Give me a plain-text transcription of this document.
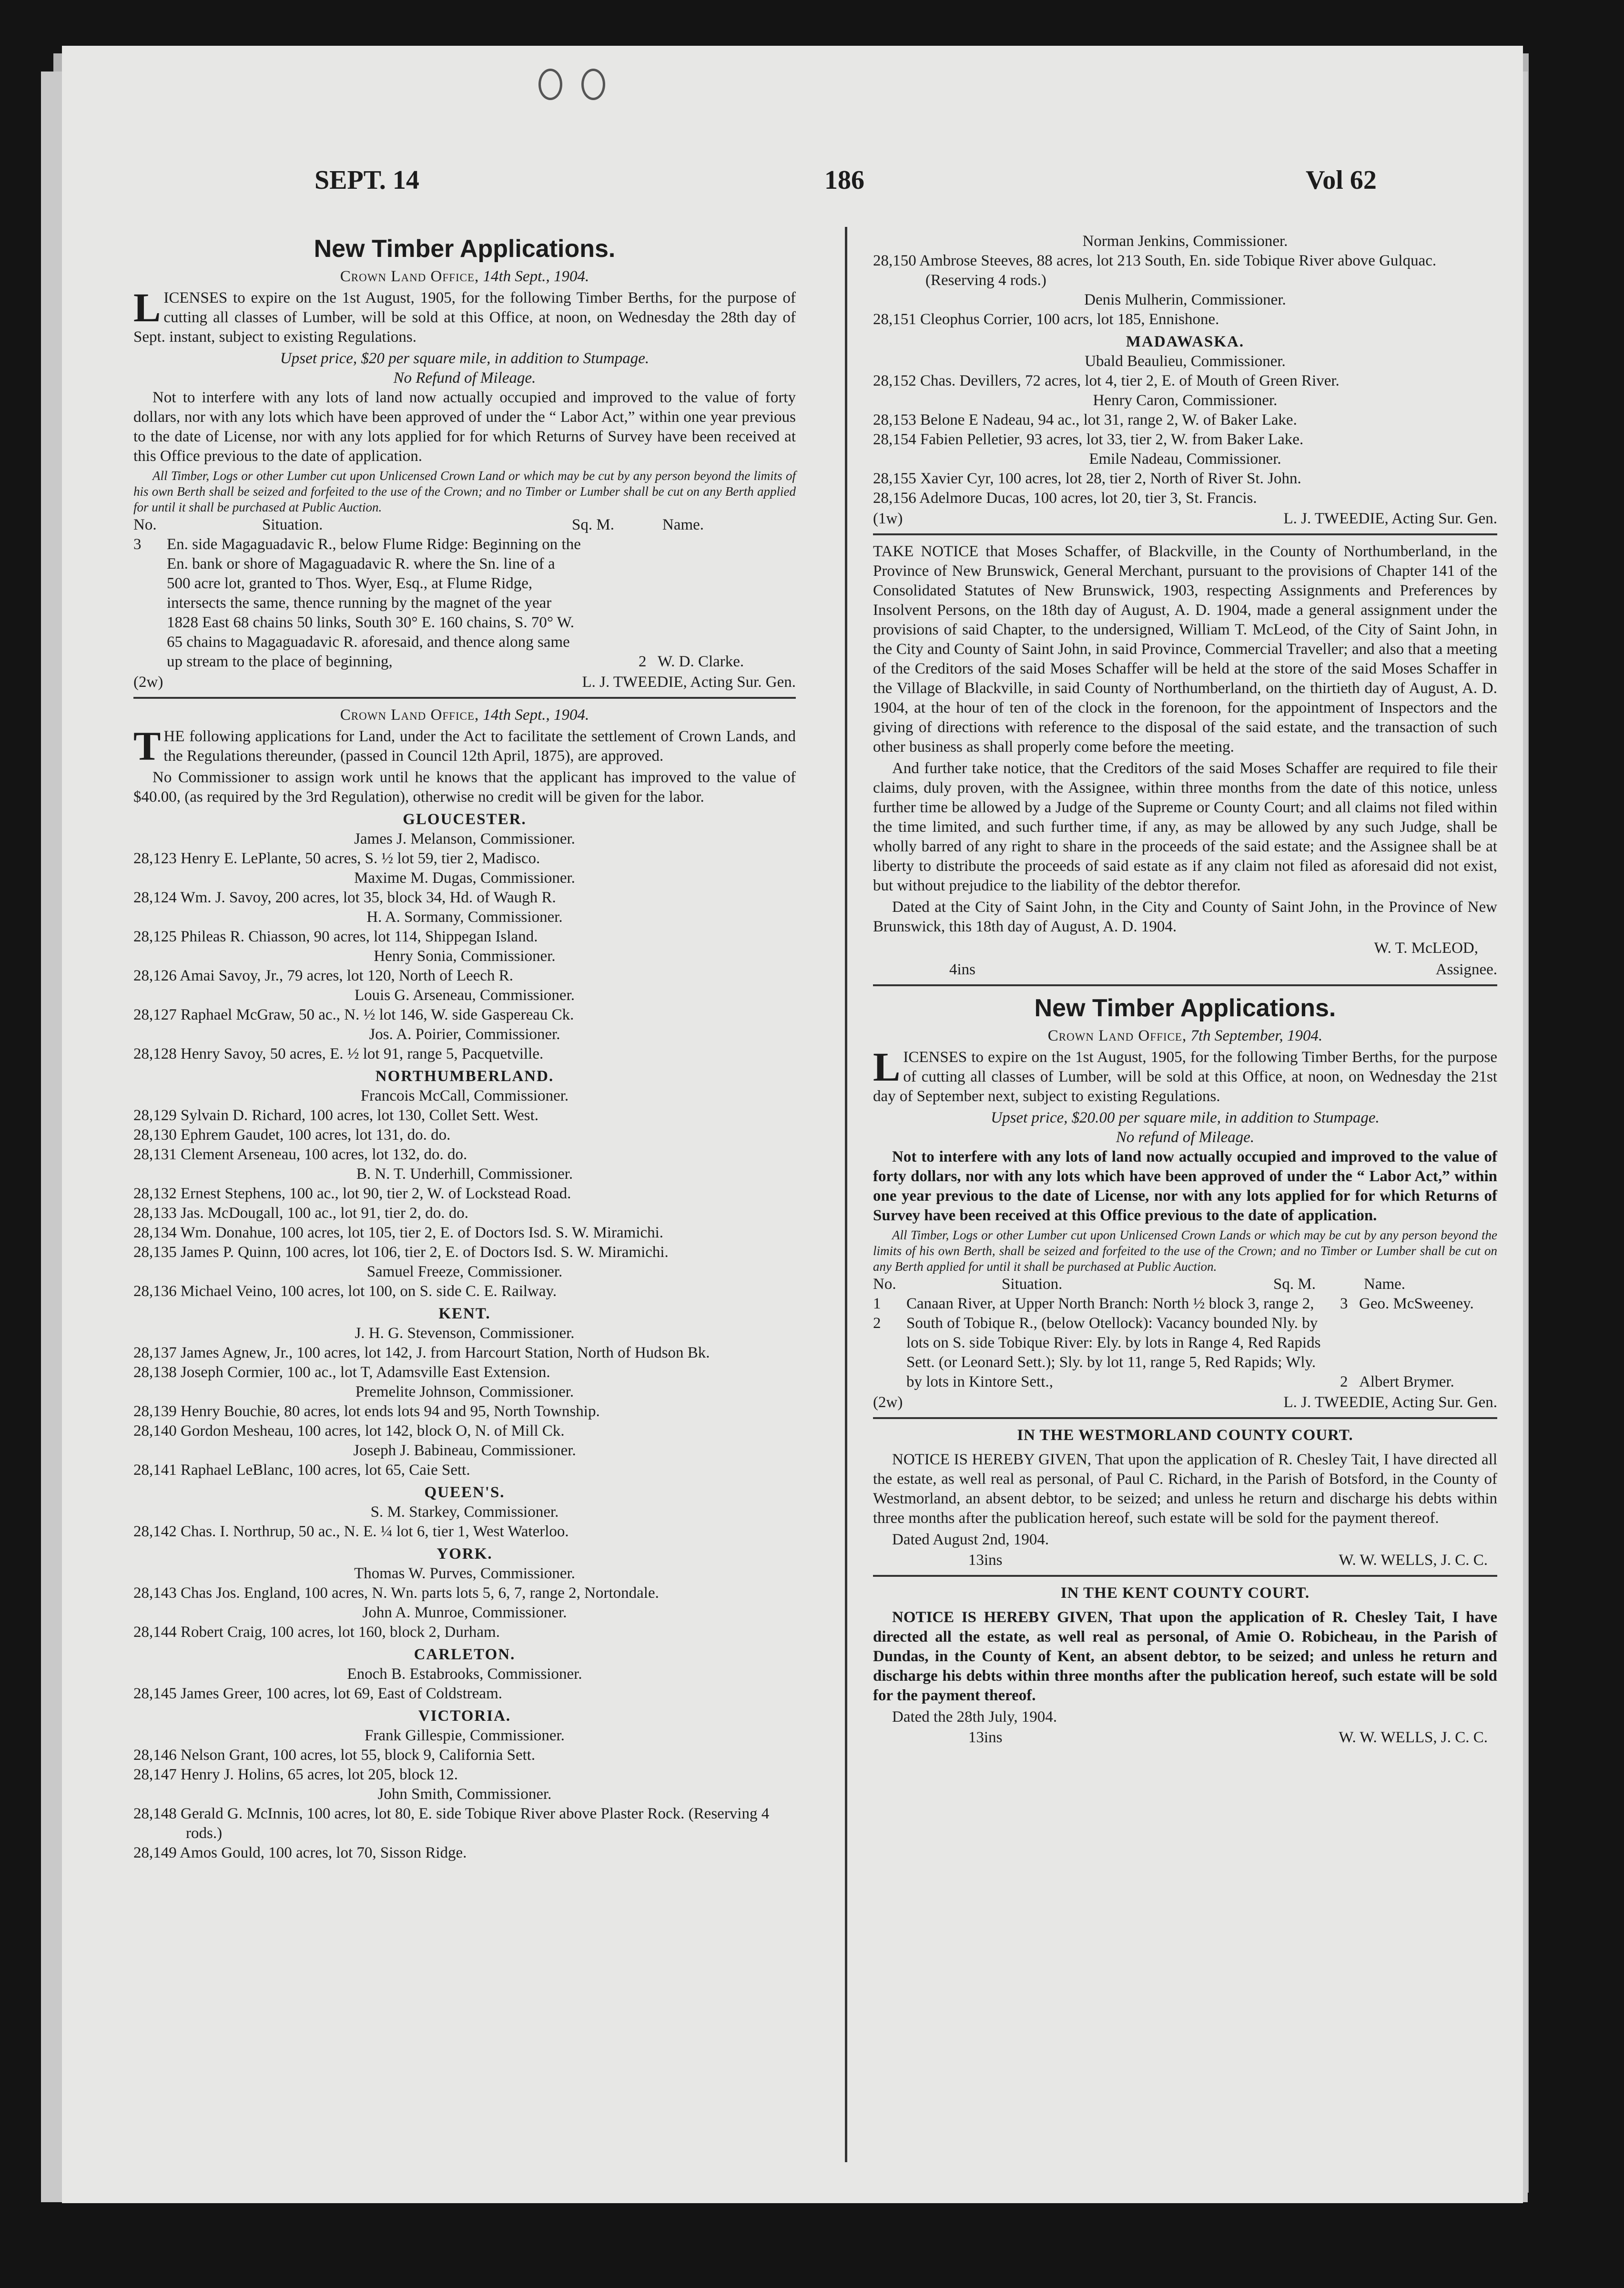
SEPT. 14	186	Vol 62
New Timber Applications.
Crown Land Office, 14th Sept., 1904.
LICENSES to expire on the 1st August, 1905, for the following Timber Berths, for the purpose of cutting all classes of Lumber, will be sold at this Office, at noon, on Wednesday the 28th day of Sept. instant, subject to existing Regulations.
Upset price, $20 per square mile, in addition to Stumpage.
No Refund of Mileage.
Not to interfere with any lots of land now actually occupied and improved to the value of forty dollars, nor with any lots which have been approved of under the “ Labor Act,” within one year previous to the date of License, nor with any lots applied for for which Returns of Survey have been received at this Office previous to the date of application.
All Timber, Logs or other Lumber cut upon Unlicensed Crown Land or which may be cut by any person beyond the limits of his own Berth shall be seized and forfeited to the use of the Crown; and no Timber or Lumber shall be cut on any Berth applied for until it shall be purchased at Public Auction.
No.	Situation.	Sq. M.	Name.
3	En. side Magaguadavic R., below Flume Ridge: Beginning on the En. bank or shore of Magaguadavic R. where the Sn. line of a 500 acre lot, granted to Thos. Wyer, Esq., at Flume Ridge, intersects the same, thence running by the magnet of the year 1828 East 68 chains 50 links, South 30° E. 160 chains, S. 70° W. 65 chains to Magaguadavic R. aforesaid, and thence along same up stream to the place of beginning,	2 W. D. Clarke.
(2w)	L. J. TWEEDIE, Acting Sur. Gen.
Crown Land Office, 14th Sept., 1904.
THE following applications for Land, under the Act to facilitate the settlement of Crown Lands, and the Regulations thereunder, (passed in Council 12th April, 1875), are approved.
No Commissioner to assign work until he knows that the applicant has improved to the value of $40.00, (as required by the 3rd Regulation), otherwise no credit will be given for the labor.
GLOUCESTER.
James J. Melanson, Commissioner.
28,123 Henry E. LePlante, 50 acres, S. ½ lot 59, tier 2, Madisco.
Maxime M. Dugas, Commissioner.
28,124 Wm. J. Savoy, 200 acres, lot 35, block 34, Hd. of Waugh R.
H. A. Sormany, Commissioner.
28,125 Phileas R. Chiasson, 90 acres, lot 114, Shippegan Island.
Henry Sonia, Commissioner.
28,126 Amai Savoy, Jr., 79 acres, lot 120, North of Leech R.
Louis G. Arseneau, Commissioner.
28,127 Raphael McGraw, 50 ac., N. ½ lot 146, W. side Gaspereau Ck.
Jos. A. Poirier, Commissioner.
28,128 Henry Savoy, 50 acres, E. ½ lot 91, range 5, Pacquetville.
NORTHUMBERLAND.
Francois McCall, Commissioner.
28,129 Sylvain D. Richard, 100 acres, lot 130, Collet Sett. West.
28,130 Ephrem Gaudet, 100 acres, lot 131, do. do.
28,131 Clement Arseneau, 100 acres, lot 132, do. do.
B. N. T. Underhill, Commissioner.
28,132 Ernest Stephens, 100 ac., lot 90, tier 2, W. of Lockstead Road.
28,133 Jas. McDougall, 100 ac., lot 91, tier 2, do. do.
28,134 Wm. Donahue, 100 acres, lot 105, tier 2, E. of Doctors Isd. S. W. Miramichi.
28,135 James P. Quinn, 100 acres, lot 106, tier 2, E. of Doctors Isd. S. W. Miramichi.
Samuel Freeze, Commissioner.
28,136 Michael Veino, 100 acres, lot 100, on S. side C. E. Railway.
KENT.
J. H. G. Stevenson, Commissioner.
28,137 James Agnew, Jr., 100 acres, lot 142, J. from Harcourt Station, North of Hudson Bk.
28,138 Joseph Cormier, 100 ac., lot T, Adamsville East Extension.
Premelite Johnson, Commissioner.
28,139 Henry Bouchie, 80 acres, lot ends lots 94 and 95, North Township.
28,140 Gordon Mesheau, 100 acres, lot 142, block O, N. of Mill Ck.
Joseph J. Babineau, Commissioner.
28,141 Raphael LeBlanc, 100 acres, lot 65, Caie Sett.
QUEEN'S.
S. M. Starkey, Commissioner.
28,142 Chas. I. Northrup, 50 ac., N. E. ¼ lot 6, tier 1, West Waterloo.
YORK.
Thomas W. Purves, Commissioner.
28,143 Chas Jos. England, 100 acres, N. Wn. parts lots 5, 6, 7, range 2, Nortondale.
John A. Munroe, Commissioner.
28,144 Robert Craig, 100 acres, lot 160, block 2, Durham.
CARLETON.
Enoch B. Estabrooks, Commissioner.
28,145 James Greer, 100 acres, lot 69, East of Coldstream.
VICTORIA.
Frank Gillespie, Commissioner.
28,146 Nelson Grant, 100 acres, lot 55, block 9, California Sett.
28,147 Henry J. Holins, 65 acres, lot 205, block 12.
John Smith, Commissioner.
28,148 Gerald G. McInnis, 100 acres, lot 80, E. side Tobique River above Plaster Rock. (Reserving 4 rods.)
28,149 Amos Gould, 100 acres, lot 70, Sisson Ridge.
Norman Jenkins, Commissioner.
28,150 Ambrose Steeves, 88 acres, lot 213 South, En. side Tobique River above Gulquac. (Reserving 4 rods.)
Denis Mulherin, Commissioner.
28,151 Cleophus Corrier, 100 acrs, lot 185, Ennishone.
MADAWASKA.
Ubald Beaulieu, Commissioner.
28,152 Chas. Devillers, 72 acres, lot 4, tier 2, E. of Mouth of Green River.
Henry Caron, Commissioner.
28,153 Belone E Nadeau, 94 ac., lot 31, range 2, W. of Baker Lake.
28,154 Fabien Pelletier, 93 acres, lot 33, tier 2, W. from Baker Lake.
Emile Nadeau, Commissioner.
28,155 Xavier Cyr, 100 acres, lot 28, tier 2, North of River St. John.
28,156 Adelmore Ducas, 100 acres, lot 20, tier 3, St. Francis.
(1w)	L. J. TWEEDIE, Acting Sur. Gen.
TAKE NOTICE that Moses Schaffer, of Blackville, in the County of Northumberland, in the Province of New Brunswick, General Merchant, pursuant to the provisions of Chapter 141 of the Consolidated Statutes of New Brunswick, 1903, respecting Assignments and Preferences by Insolvent Persons, on the 18th day of August, A. D. 1904, made a general assignment under the provisions of said Chapter, to the undersigned, William T. McLeod, of the City of Saint John, in the City and County of Saint John, in said Province, Commercial Traveller; and also that a meeting of the Creditors of the said Moses Schaffer will be held at the store of the said Moses Schaffer in the Village of Blackville, in said County of Northumberland, on the thirtieth day of August, A. D. 1904, at the hour of ten of the clock in the forenoon, for the appointment of Inspectors and the giving of directions with reference to the disposal of the said estate, and the transaction of such other business as shall properly come before the meeting.
And further take notice, that the Creditors of the said Moses Schaffer are required to file their claims, duly proven, with the Assignee, within three months from the date of this notice, unless further time be allowed by a Judge of the Supreme or County Court; and all claims not filed within the time limited, and such further time, if any, as may be allowed by any such Judge, shall be wholly barred of any right to share in the proceeds of the said estate; and the Assignee shall be at liberty to distribute the proceeds of said estate as if any claim not filed as aforesaid did not exist, but without prejudice to the liability of the debtor therefor.
Dated at the City of Saint John, in the City and County of Saint John, in the Province of New Brunswick, this 18th day of August, A. D. 1904.
W. T. McLEOD,
4ins	Assignee.
New Timber Applications.
Crown Land Office, 7th September, 1904.
LICENSES to expire on the 1st August, 1905, for the following Timber Berths, for the purpose of cutting all classes of Lumber, will be sold at this Office, at noon, on Wednesday the 21st day of September next, subject to existing Regulations.
Upset price, $20.00 per square mile, in addition to Stumpage.
No refund of Mileage.
Not to interfere with any lots of land now actually occupied and improved to the value of forty dollars, nor with any lots which have been approved of under the “ Labor Act,” within one year previous to the date of License, nor with any lots applied for for which Returns of Survey have been received at this Office previous to the date of application.
All Timber, Logs or other Lumber cut upon Unlicensed Crown Lands or which may be cut by any person beyond the limits of his own Berth, shall be seized and forfeited to the use of the Crown; and no Timber or Lumber shall be cut on any Berth applied for until it shall be purchased at Public Auction.
No.	Situation.	Sq. M.	Name.
1	Canaan River, at Upper North Branch: North ½ block 3, range 2,	3 Geo. McSweeney.
2	South of Tobique R., (below Otellock): Vacancy bounded Nly. by lots on S. side Tobique River: Ely. by lots in Range 4, Red Rapids Sett. (or Leonard Sett.); Sly. by lot 11, range 5, Red Rapids; Wly. by lots in Kintore Sett.,	2 Albert Brymer.
(2w)	L. J. TWEEDIE, Acting Sur. Gen.
IN THE WESTMORLAND COUNTY COURT.
NOTICE IS HEREBY GIVEN, That upon the application of R. Chesley Tait, I have directed all the estate, as well real as personal, of Paul C. Richard, in the Parish of Botsford, in the County of Westmorland, an absent debtor, to be seized; and unless he return and discharge his debts within three months after the publication hereof, such estate will be sold for the payment thereof.
Dated August 2nd, 1904.
13ins	W. W. WELLS, J. C. C.
IN THE KENT COUNTY COURT.
NOTICE IS HEREBY GIVEN, That upon the application of R. Chesley Tait, I have directed all the estate, as well real as personal, of Amie O. Robicheau, in the Parish of Dundas, in the County of Kent, an absent debtor, to be seized; and unless he return and discharge his debts within three months after the publication hereof, such estate will be sold for the payment thereof.
Dated the 28th July, 1904.
13ins	W. W. WELLS, J. C. C.
